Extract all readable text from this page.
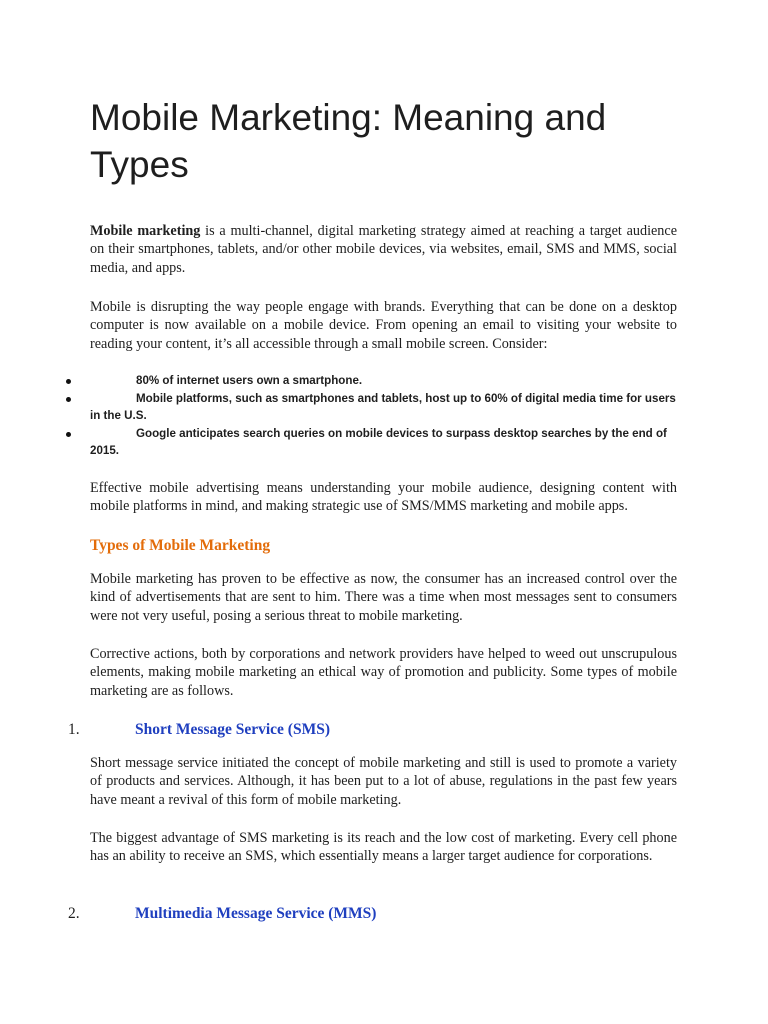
Mobile Marketing: Meaning and Types

Mobile marketing is a multi-channel, digital marketing strategy aimed at reaching a target audience on their smartphones, tablets, and/or other mobile devices, via websites, email, SMS and MMS, social media, and apps.

Mobile is disrupting the way people engage with brands. Everything that can be done on a desktop computer is now available on a mobile device. From opening an email to visiting your website to reading your content, it’s all accessible through a small mobile screen. Consider:

80% of internet users own a smartphone.
Mobile platforms, such as smartphones and tablets, host up to 60% of digital media time for users in the U.S.
Google anticipates search queries on mobile devices to surpass desktop searches by the end of 2015.

Effective mobile advertising means understanding your mobile audience, designing content with mobile platforms in mind, and making strategic use of SMS/MMS marketing and mobile apps.

Types of Mobile Marketing

Mobile marketing has proven to be effective as now, the consumer has an increased control over the kind of advertisements that are sent to him. There was a time when most messages sent to consumers were not very useful, posing a serious threat to mobile marketing.

Corrective actions, both by corporations and network providers have helped to weed out unscrupulous elements, making mobile marketing an ethical way of promotion and publicity. Some types of mobile marketing are as follows.

1.	Short Message Service (SMS)

Short message service initiated the concept of mobile marketing and still is used to promote a variety of products and services. Although, it has been put to a lot of abuse, regulations in the past few years have meant a revival of this form of mobile marketing.

The biggest advantage of SMS marketing is its reach and the low cost of marketing. Every cell phone has an ability to receive an SMS, which essentially means a larger target audience for corporations.

2.	Multimedia Message Service (MMS)
